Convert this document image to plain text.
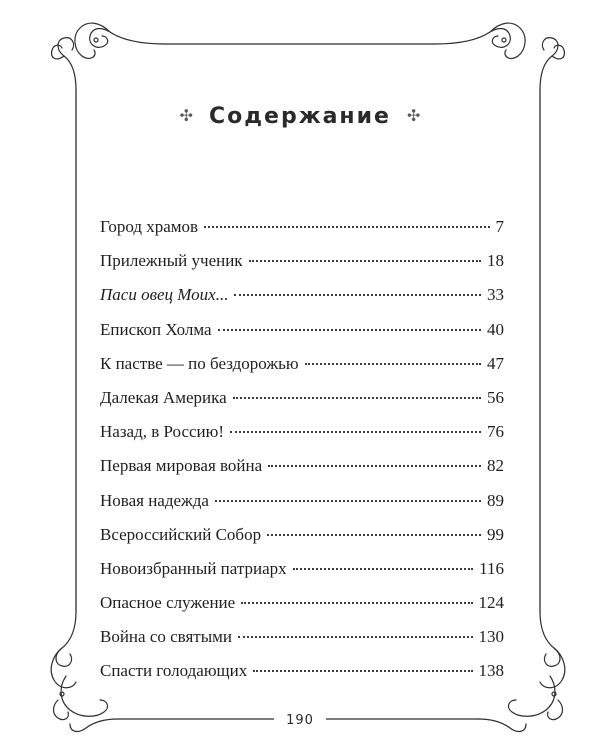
✣ Содержание ✣
Город храмов	7
Прилежный ученик	18
Паси овец Моих...	33
Епископ Холма	40
К пастве — по бездорожью	47
Далекая Америка	56
Назад, в Россию!	76
Первая мировая война	82
Новая надежда	89
Всероссийский Собор	99
Новоизбранный патриарх	116
Опасное служение	124
Война со святыми	130
Спасти голодающих	138
190
